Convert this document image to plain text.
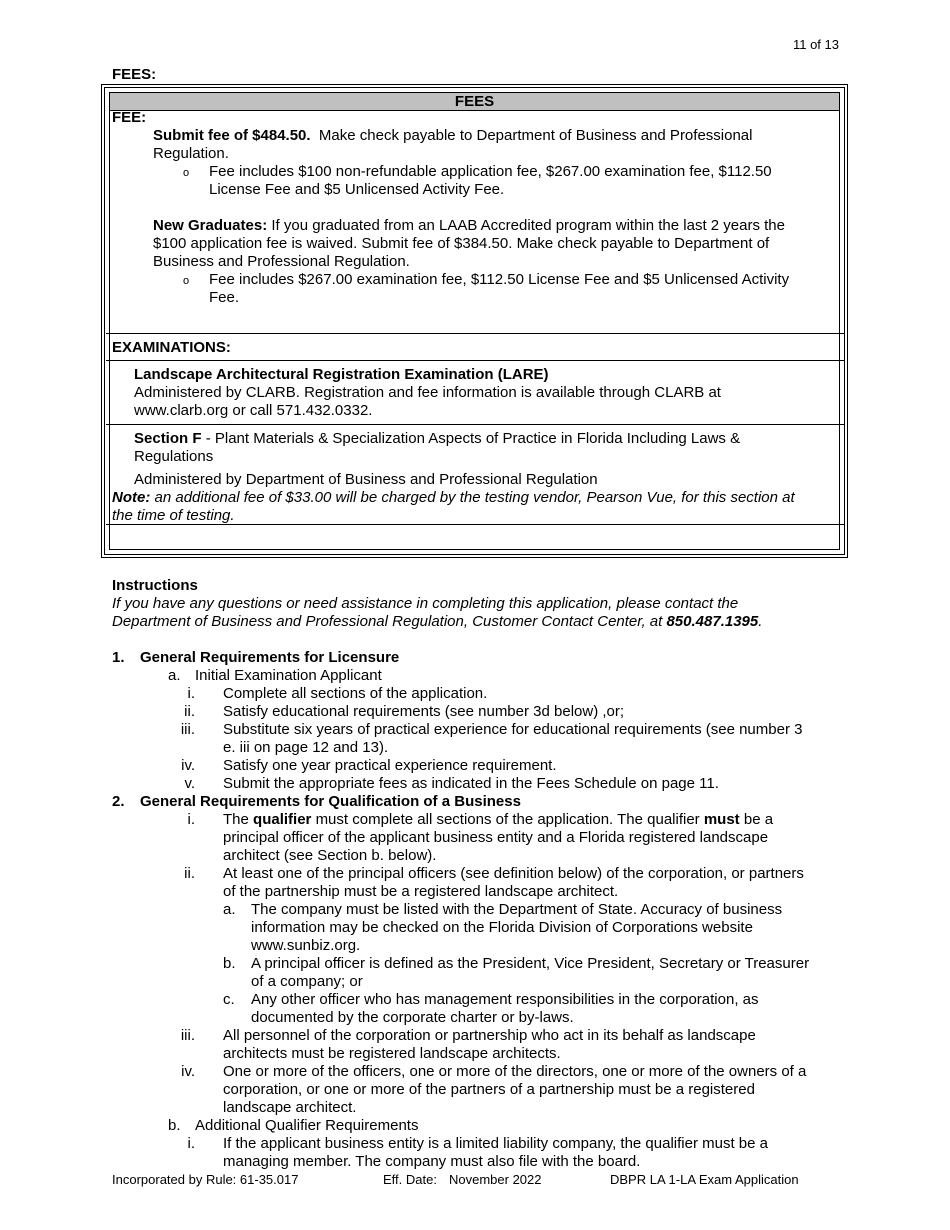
11 of 13
FEES:
FEES
FEE:
Submit fee of $484.50. Make check payable to Department of Business and Professional
Regulation.
o Fee includes $100 non-refundable application fee, $267.00 examination fee, $112.50
License Fee and $5 Unlicensed Activity Fee.
New Graduates: If you graduated from an LAAB Accredited program within the last 2 years the
$100 application fee is waived. Submit fee of $384.50. Make check payable to Department of
Business and Professional Regulation.
o Fee includes $267.00 examination fee, $112.50 License Fee and $5 Unlicensed Activity
Fee.
EXAMINATIONS:
Landscape Architectural Registration Examination (LARE)
Administered by CLARB. Registration and fee information is available through CLARB at
www.clarb.org or call 571.432.0332.
Section F - Plant Materials & Specialization Aspects of Practice in Florida Including Laws &
Regulations
Administered by Department of Business and Professional Regulation
Note: an additional fee of $33.00 will be charged by the testing vendor, Pearson Vue, for this section at
the time of testing.
Instructions
If you have any questions or need assistance in completing this application, please contact the
Department of Business and Professional Regulation, Customer Contact Center, at 850.487.1395.
1. General Requirements for Licensure
a. Initial Examination Applicant
i. Complete all sections of the application.
ii. Satisfy educational requirements (see number 3d below) ,or;
iii. Substitute six years of practical experience for educational requirements (see number 3
e. iii on page 12 and 13).
iv. Satisfy one year practical experience requirement.
v. Submit the appropriate fees as indicated in the Fees Schedule on page 11.
2. General Requirements for Qualification of a Business
i. The qualifier must complete all sections of the application. The qualifier must be a
principal officer of the applicant business entity and a Florida registered landscape
architect (see Section b. below).
ii. At least one of the principal officers (see definition below) of the corporation, or partners
of the partnership must be a registered landscape architect.
a. The company must be listed with the Department of State. Accuracy of business
information may be checked on the Florida Division of Corporations website
www.sunbiz.org.
b. A principal officer is defined as the President, Vice President, Secretary or Treasurer
of a company; or
c. Any other officer who has management responsibilities in the corporation, as
documented by the corporate charter or by-laws.
iii. All personnel of the corporation or partnership who act in its behalf as landscape
architects must be registered landscape architects.
iv. One or more of the officers, one or more of the directors, one or more of the owners of a
corporation, or one or more of the partners of a partnership must be a registered
landscape architect.
b. Additional Qualifier Requirements
i. If the applicant business entity is a limited liability company, the qualifier must be a
managing member. The company must also file with the board.
Incorporated by Rule: 61-35.017	Eff. Date: November 2022	DBPR LA 1-LA Exam Application
